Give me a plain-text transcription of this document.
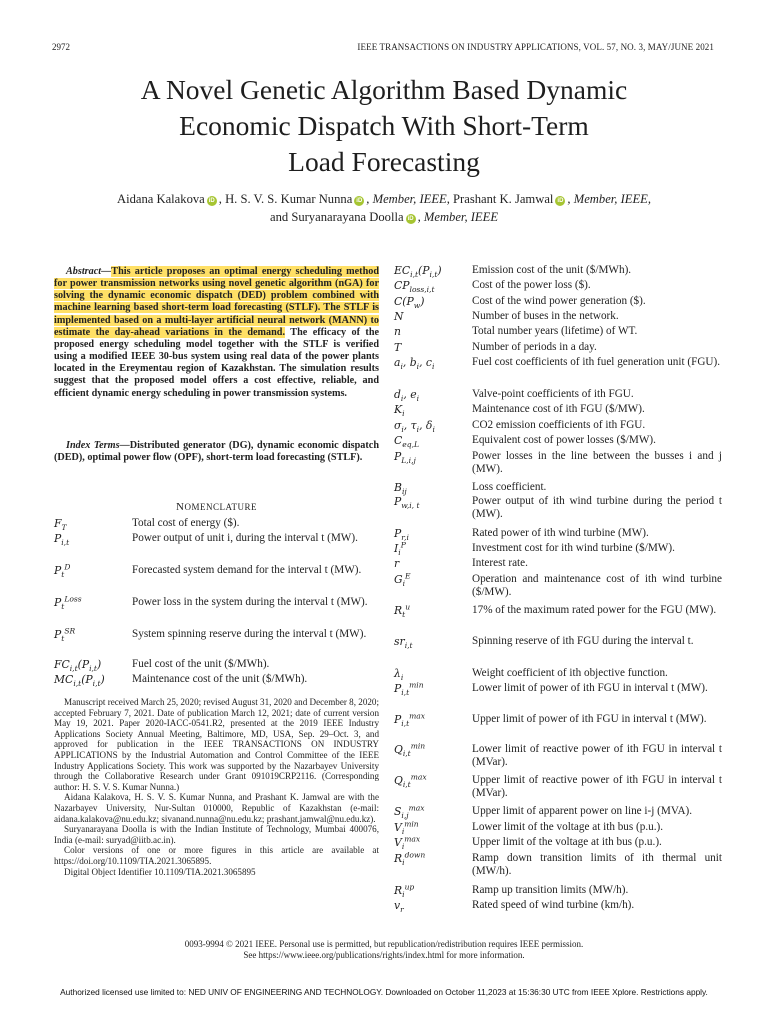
2972	IEEE TRANSACTIONS ON INDUSTRY APPLICATIONS, VOL. 57, NO. 3, MAY/JUNE 2021
A Novel Genetic Algorithm Based Dynamic
Economic Dispatch With Short-Term
Load Forecasting
Aidana Kalakova iD , H. S. V. S. Kumar Nunna iD , Member, IEEE, Prashant K. Jamwal iD , Member, IEEE,
and Suryanarayana Doolla iD , Member, IEEE
Abstract—This article proposes an optimal energy scheduling method for power transmission networks using novel genetic algorithm (nGA) for solving the dynamic economic dispatch (DED) problem combined with machine learning based short-term load forecasting (STLF). The STLF is implemented based on a multi-layer artificial neural network (MANN) to estimate the day-ahead variations in the demand. The efficacy of the proposed energy scheduling model together with the STLF is verified using a modified IEEE 30-bus system using real data of the power plants located in the Ereymentau region of Kazakhstan. The simulation results suggest that the proposed model offers a cost effective, reliable, and efficient dynamic energy scheduling in power transmission systems.
Index Terms—Distributed generator (DG), dynamic economic dispatch (DED), optimal power flow (OPF), short-term load forecasting (STLF).
NOMENCLATURE
$F_T$	Total cost of energy ($).
$P_{i,t}$	Power output of unit i, during the interval t (MW).
$P_t^D$	Forecasted system demand for the interval t (MW).
$P_t^{Loss}$	Power loss in the system during the interval t (MW).
$P_t^{SR}$	System spinning reserve during the interval t (MW).
$FC_{i,t}(P_{i,t})$	Fuel cost of the unit ($/MWh).
$MC_{i,t}(P_{i,t})$ Maintenance cost of the unit ($/MWh).

Manuscript received March 25, 2020; revised August 31, 2020 and December 8, 2020; accepted February 7, 2021. Date of publication March 12, 2021; date of current version May 19, 2021. Paper 2020-IACC-0541.R2, presented at the 2019 IEEE Industry Applications Society Annual Meeting, Baltimore, MD, USA, Sep. 29–Oct. 3, and approved for publication in the IEEE TRANSACTIONS ON INDUSTRY APPLICATIONS by the Industrial Automation and Control Committee of the IEEE Industry Applications Society. This work was supported by the Nazarbayev University through the Collaborative Research under Grant 091019CRP2116. (Corresponding author: H. S. V. S. Kumar Nunna.)

Aidana Kalakova, H. S. V. S. Kumar Nunna, and Prashant K. Jamwal are with the Nazarbayev University, Nur-Sultan 010000, Republic of Kazakhstan (e-mail: aidana.kalakova@nu.edu.kz; sivanand.nunna@nu.edu.kz; prashant.jamwal@nu.edu.kz).

Suryanarayana Doolla is with the Indian Institute of Technology, Mumbai 400076, India (e-mail: suryad@iitb.ac.in).

Color versions of one or more figures in this article are available at https://doi.org/10.1109/TIA.2021.3065895.

Digital Object Identifier 10.1109/TIA.2021.3065895

$EC_{i,t}(P_{i,t})$	Emission cost of the unit ($/MWh).
$CP_{loss,i,t}$	Cost of the power loss ($).
$C(P_w)$	Cost of the wind power generation ($).
N	Number of buses in the network.
n	Total number years (lifetime) of WT.
T	Number of periods in a day.
$a_i$, $b_i$, $c_i$	Fuel cost coefficients of ith fuel generation unit (FGU).
$d_i$, $e_i$	Valve-point coefficients of ith FGU.
$K_i$	Maintenance cost of ith FGU ($/MW).
$\sigma_i$, $\tau_i$, $\delta_i$	CO2 emission coefficients of ith FGU.
$C_{eq,L}$	Equivalent cost of power losses ($/MW).
$P_{L,i,j}$	Power losses in the line between the busses i and j (MW).
$B_{ij}$	Loss coefficient.
$P_{w,i, t}$	Power output of ith wind turbine during the period t (MW).
$P_{r,i}$	Rated power of ith wind turbine (MW).
$I_i^P$	Investment cost for ith wind turbine ($/MW).
r	Interest rate.
$G_i^E$	Operation and maintenance cost of ith wind turbine ($/MW).
$R_t^u$	17% of the maximum rated power for the FGU (MW).
$sr_{i,t}$	Spinning reserve of ith FGU during the interval t.
$\lambda_i$	Weight coefficient of ith objective function.
$P_{i,t}^{min}$	Lower limit of power of ith FGU in interval t (MW).
$P_{i,t}^{max}$	Upper limit of power of ith FGU in interval t (MW).
$Q_{i,t}^{min}$	Lower limit of reactive power of ith FGU in interval t (MVar).
$Q_{i,t}^{max}$	Upper limit of reactive power of ith FGU in interval t (MVar).
$S_{i,j}^{max}$	Upper limit of apparent power on line i-j (MVA).
$V_i^{min}$	Lower limit of the voltage at ith bus (p.u.).
$V_i^{max}$	Upper limit of the voltage at ith bus (p.u.).
$R_i^{down}$	Ramp down transition limits of ith thermal unit (MW/h).
$R_i^{up}$	Ramp up transition limits (MW/h).
$v_r$	Rated speed of wind turbine (km/h).
0093-9994 © 2021 IEEE. Personal use is permitted, but republication/redistribution requires IEEE permission.
See https://www.ieee.org/publications/rights/index.html for more information.
Authorized licensed use limited to: NED UNIV OF ENGINEERING AND TECHNOLOGY. Downloaded on October 11,2023 at 15:36:30 UTC from IEEE Xplore. Restrictions apply.
